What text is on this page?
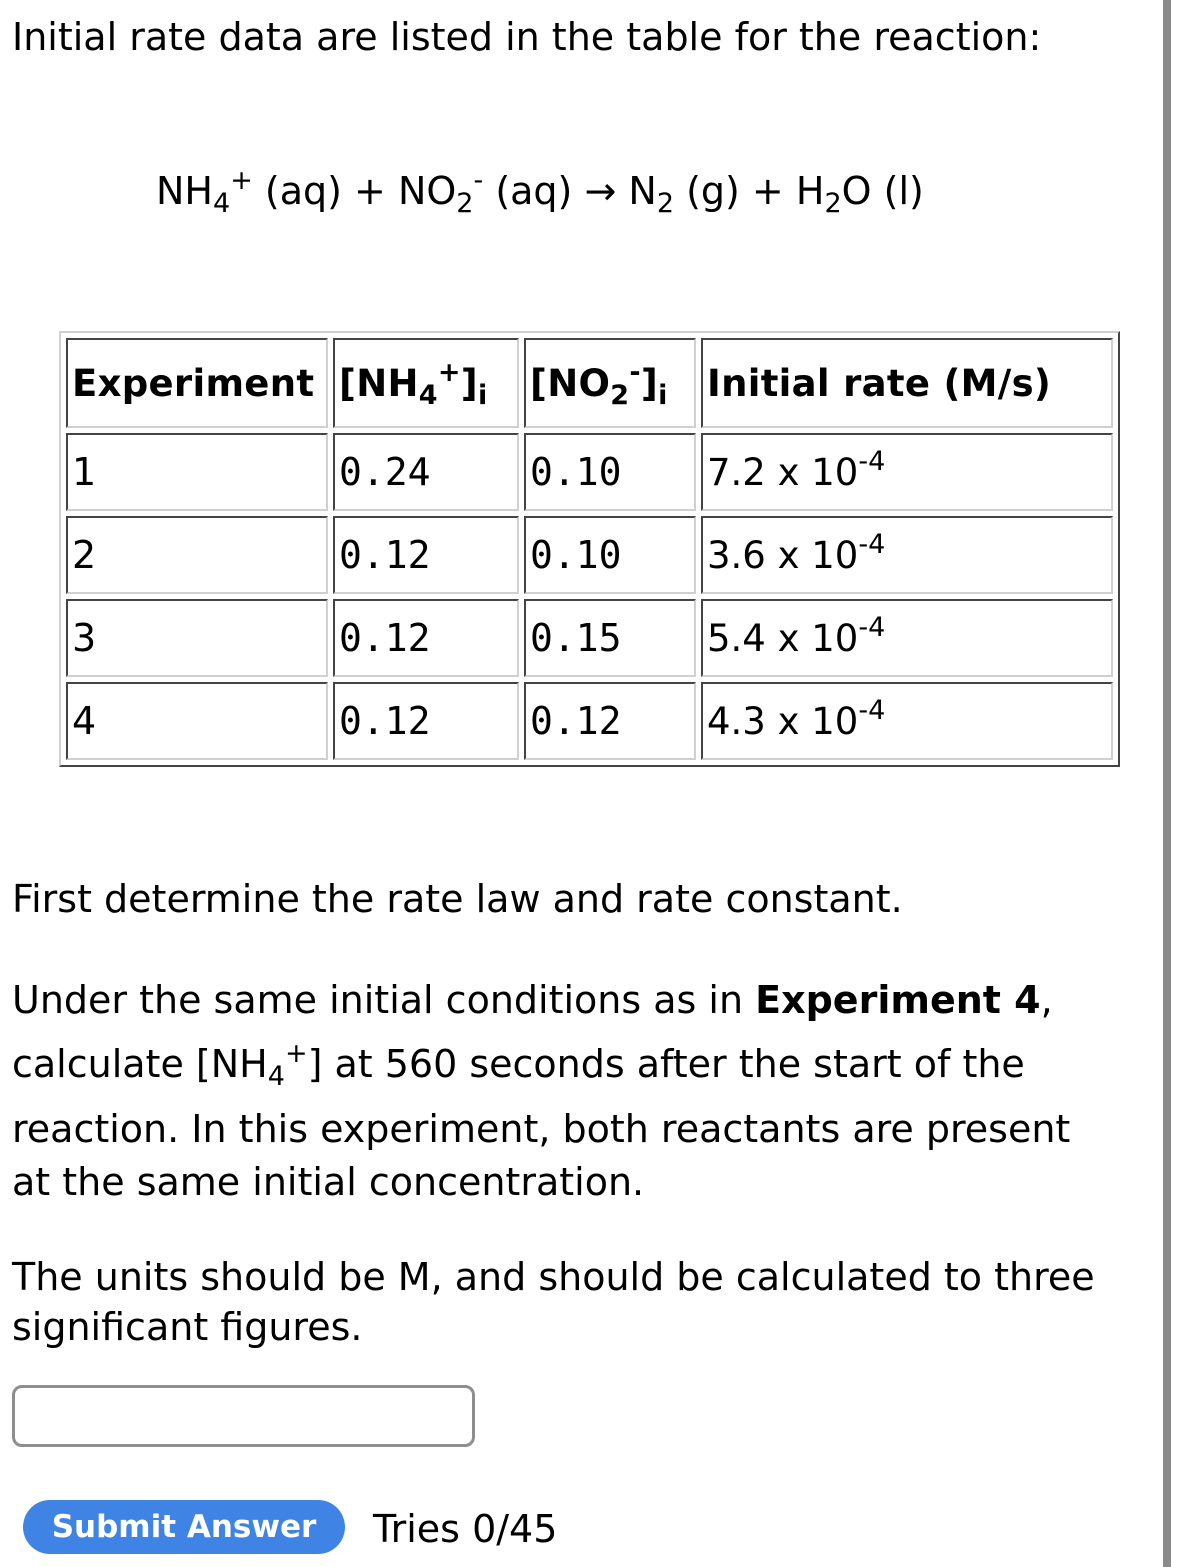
Initial rate data are listed in the table for the reaction:
$NH_4^+$ $(aq) + NO_2^-$ $(aq) \to N_2$ $(g) + H_2O$ (l)
Experiment	$[NH_4^+]_i$	$[NO_2^-]_i$	Initial rate (M/s)
1	0.24	0.10	7.2 x $10^{-4}$
2	0.12	0.10	3.6 x $10^{-4}$
3	0.12	0.15	5.4 x $10^{-4}$
4	0.12	0.12	4.3 x $10^{-4}$
First determine the rate law and rate constant.
Under the same initial conditions as in Experiment 4,
calculate $[NH_4^+]$ at 560 seconds after the start of the
reaction. In this experiment, both reactants are present
at the same initial concentration.
The units should be M, and should be calculated to three
significant figures.
Submit Answer	Tries 0/45
